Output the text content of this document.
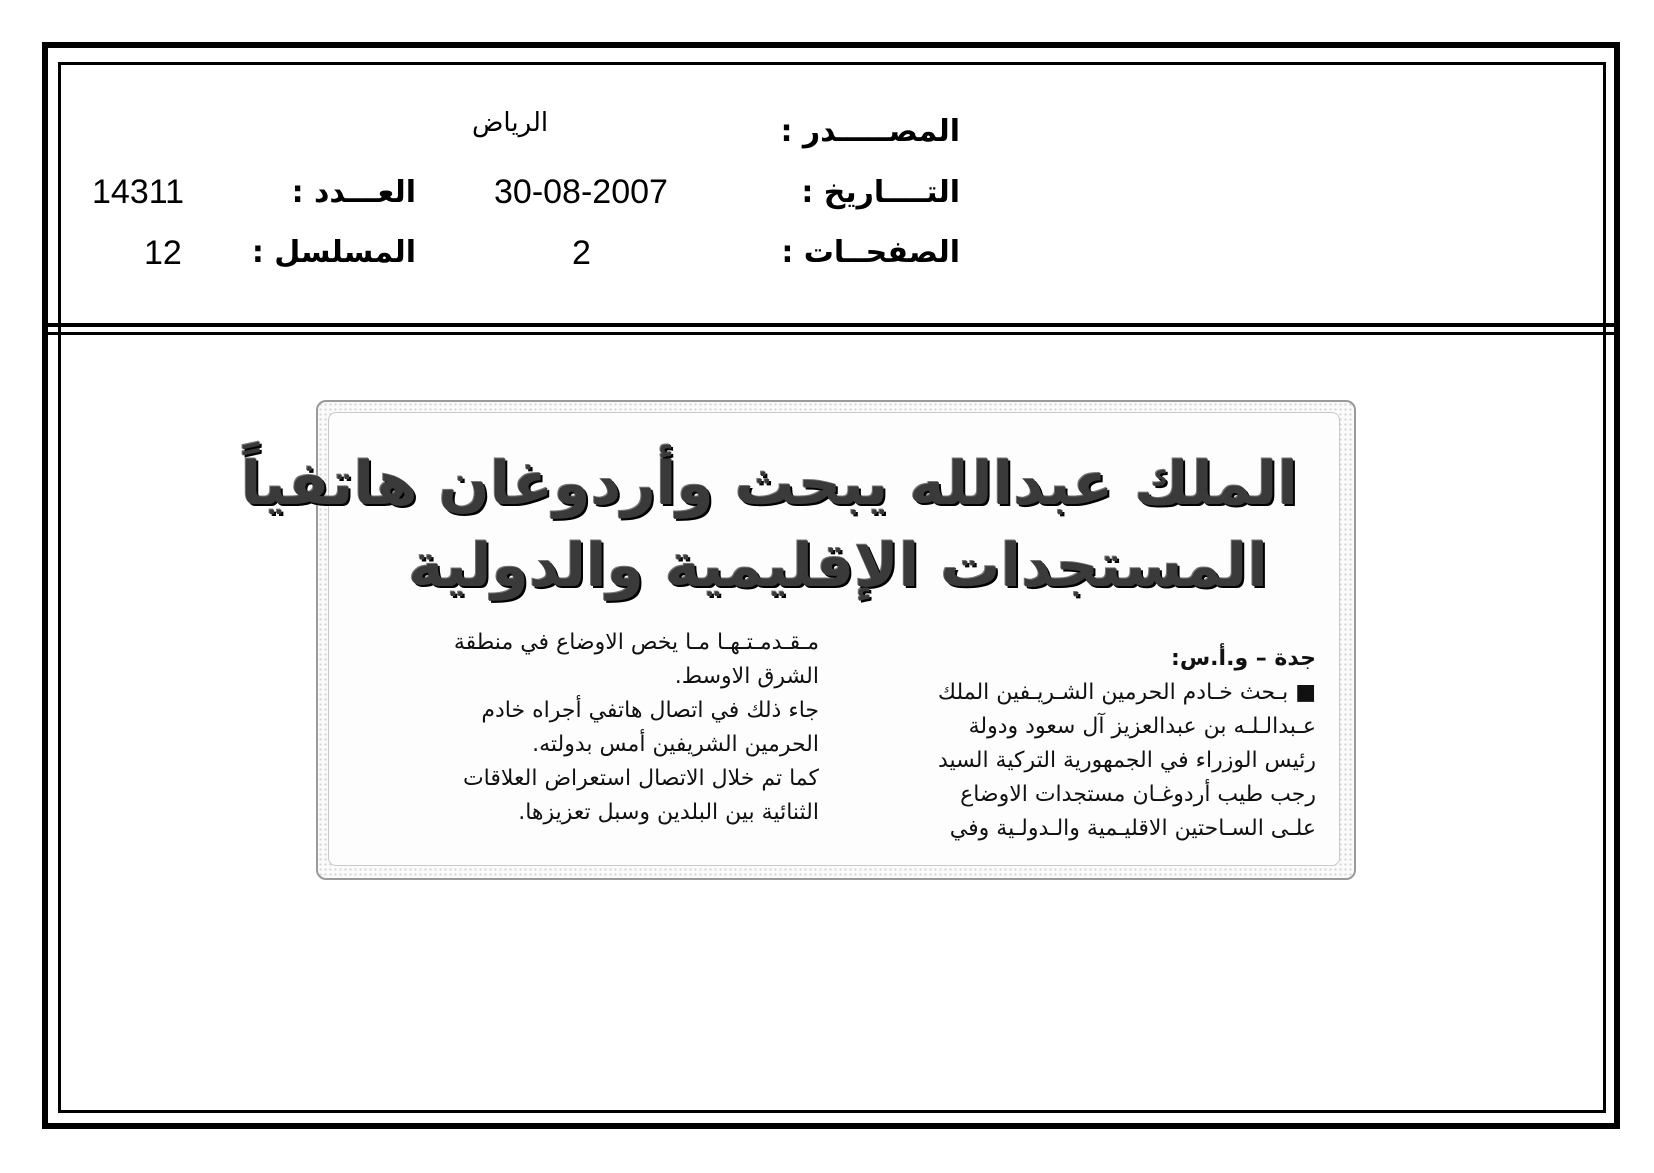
المصـــــدر :
الرياض
التــــاريخ :
30-08-2007
العـــدد :
14311
الصفحــات :
2
المسلسل :
12
الملك عبدالله يبحث وأردوغان هاتفياً
المستجدات الإقليمية والدولية

جدة – و.أ.س:

■ بـحث خـادم الحرمين الشـريـفين الملك

عـبدالـلـه بن عبدالعزيز آل سعود ودولة

رئيس الوزراء في الجمهورية التركية السيد

رجب طيب أردوغـان مستجدات الاوضاع

علـى السـاحتين الاقليـمية والـدولـية وفي

مـقـدمـتـهـا مـا يخص الاوضاع في منطقة

الشرق الاوسط.

جاء ذلك في اتصال هاتفي أجراه خادم

الحرمين الشريفين أمس بدولته.

كما تم خلال الاتصال استعراض العلاقات

الثنائية بين البلدين وسبل تعزيزها.
